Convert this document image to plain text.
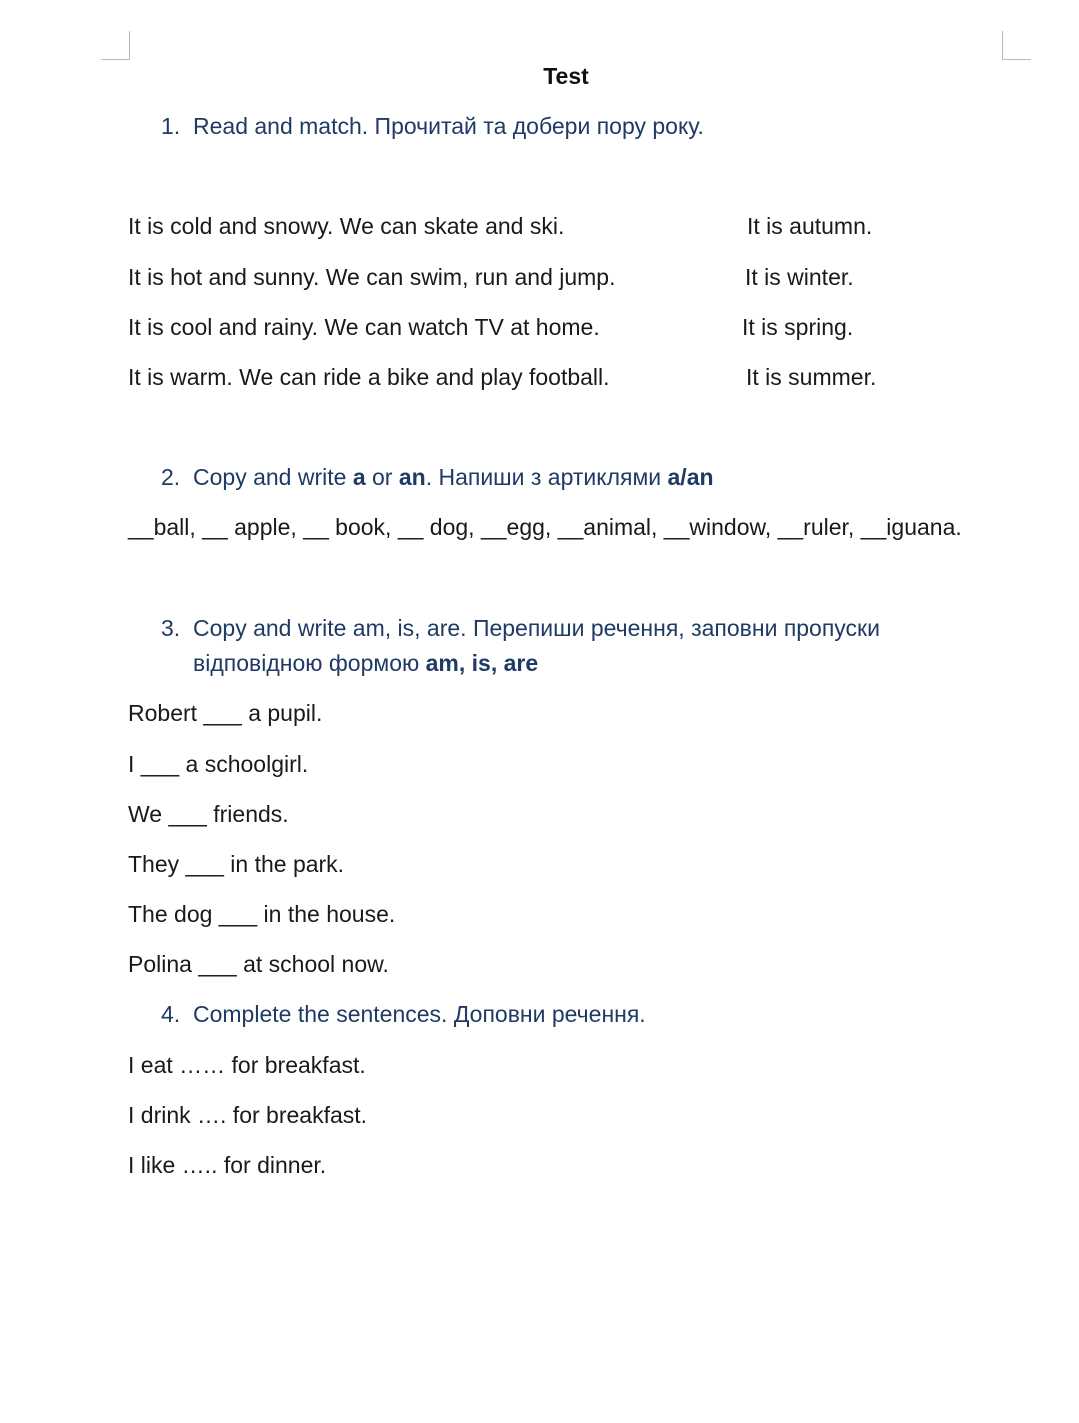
Test
1. Read and match. Прочитай та добери пору року.
It is cold and snowy. We can skate and ski.	It is autumn.
It is hot and sunny. We can swim, run and jump.	It is winter.
It is cool and rainy. We can watch TV at home.	It is spring.
It is warm. We can ride a bike and play football.	It is summer.
2. Copy and write a or an. Напиши з артиклями a/an
__ball, __ apple, __ book, __ dog, __egg, __animal, __window, __ruler, __iguana.
3. Copy and write am, is, are. Перепиши речення, заповни пропуски
відповідною формою am, is, are
Robert ___ a pupil.
I ___ a schoolgirl.
We ___ friends.
They ___ in the park.
The dog ___ in the house.
Polina ___ at school now.
4. Complete the sentences. Доповни речення.
I eat …… for breakfast.
I drink …. for breakfast.
I like ….. for dinner.
